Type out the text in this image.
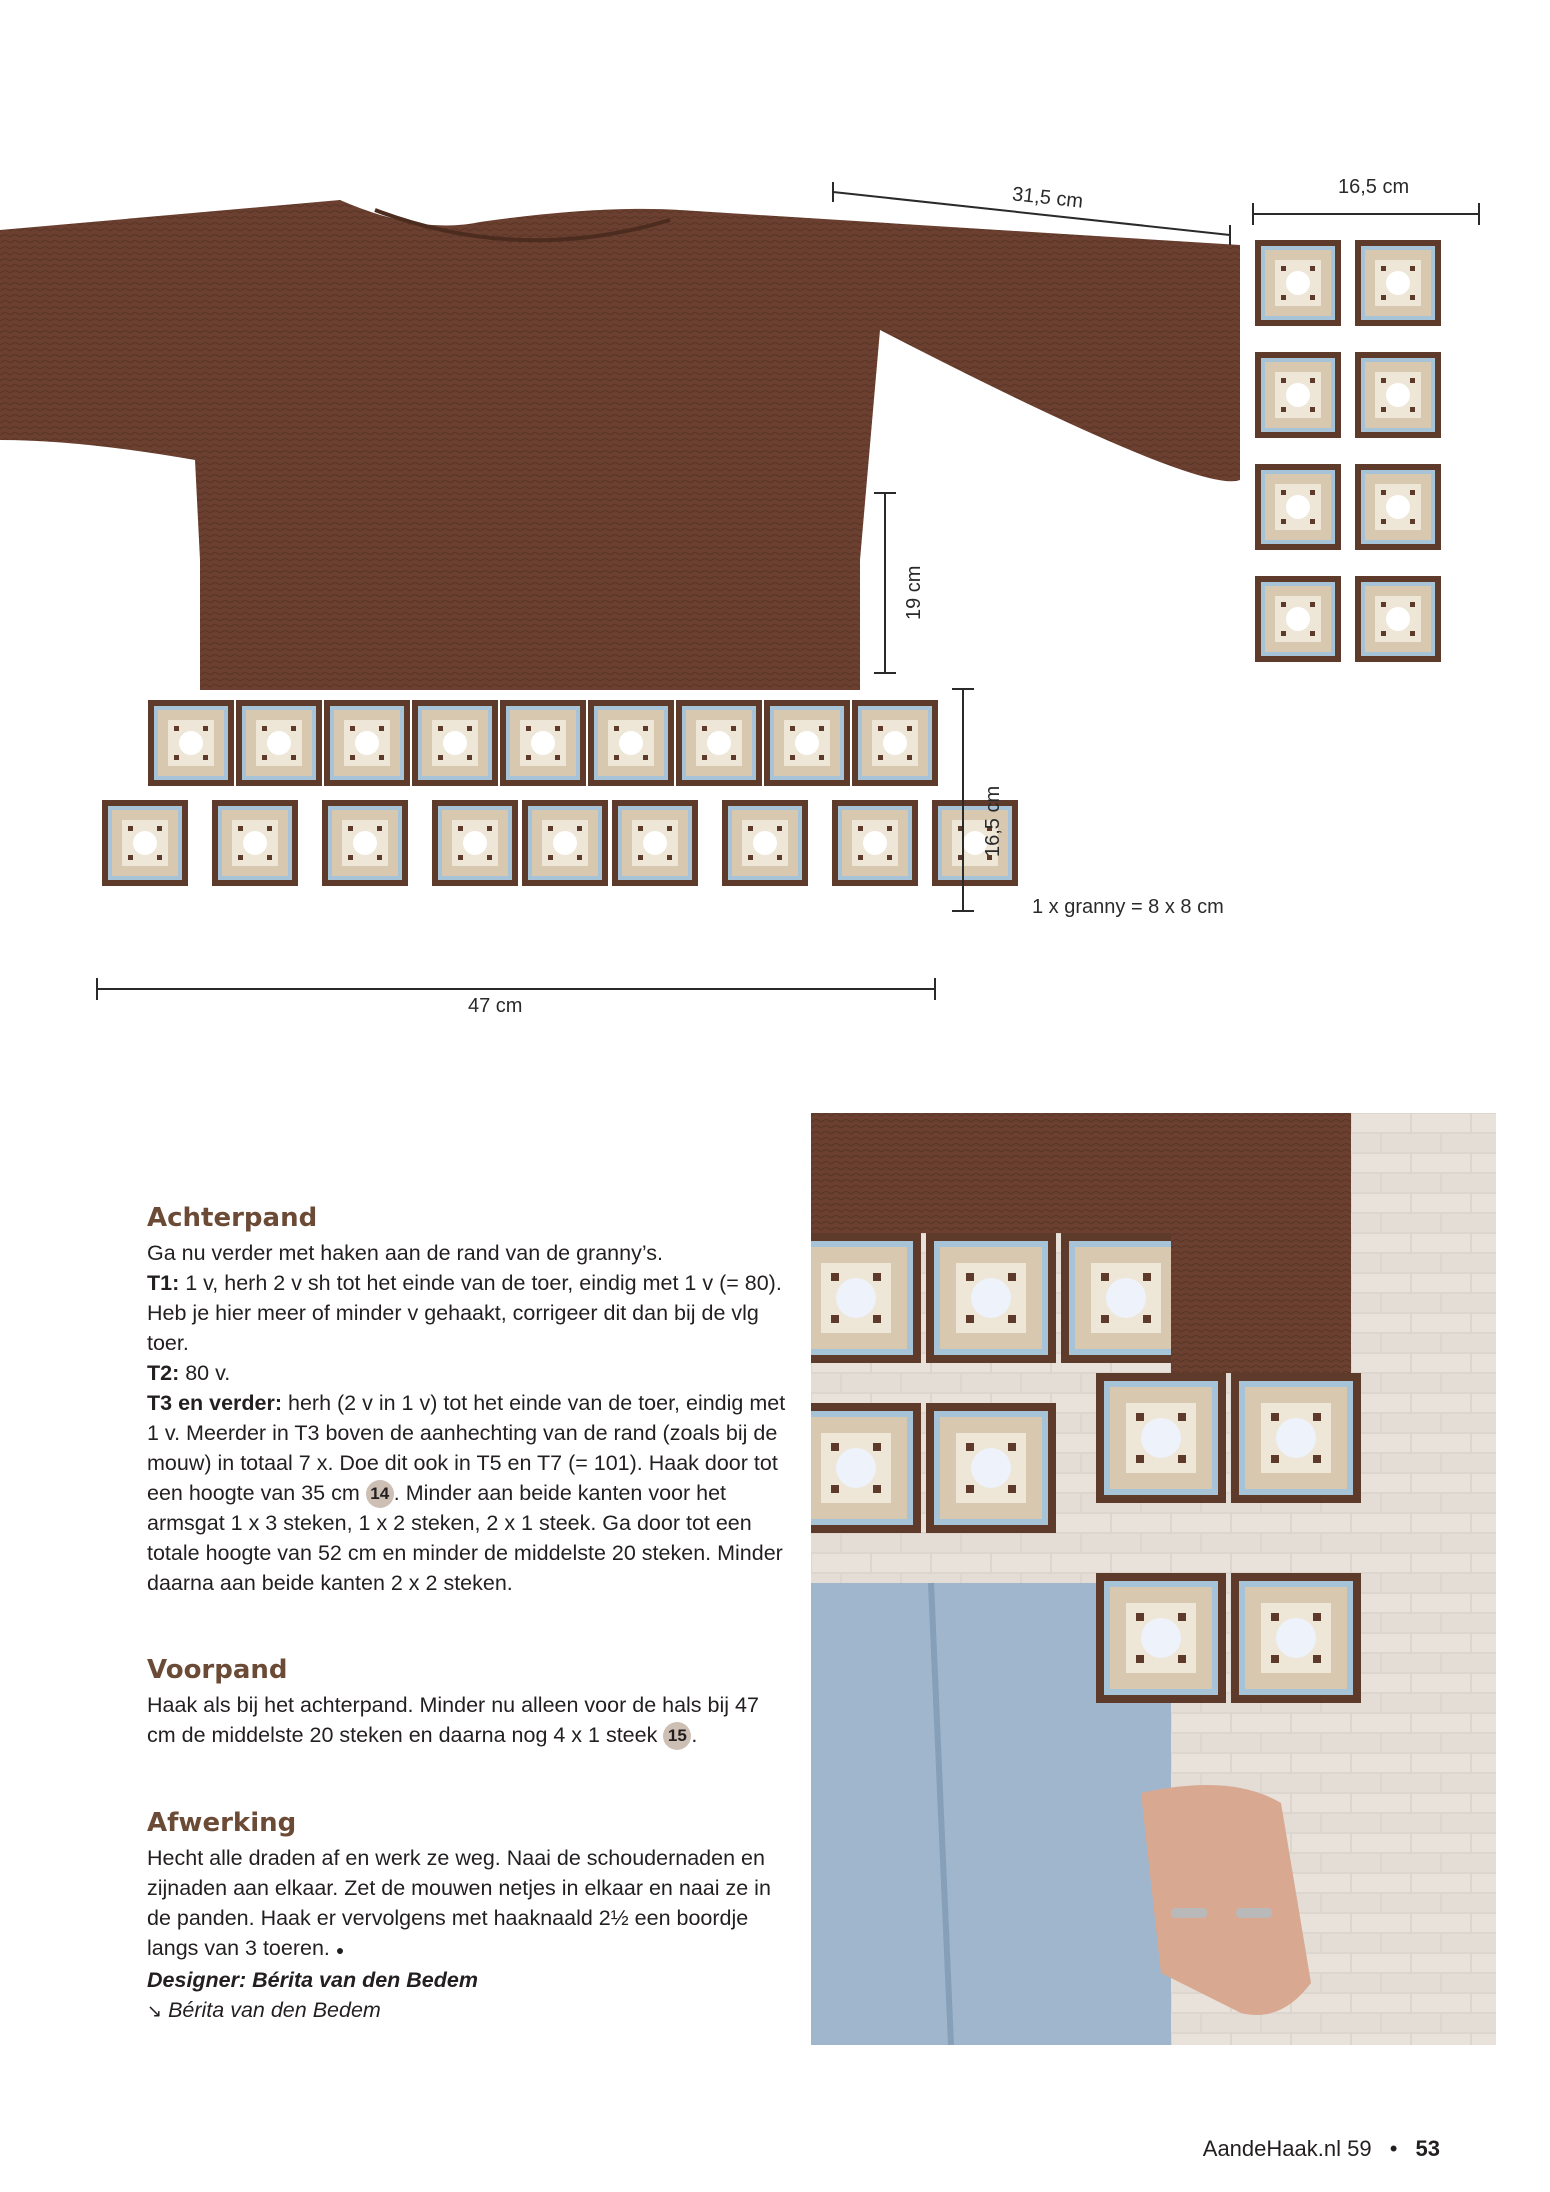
31,5 cm	16,5 cm
19 cm
16,5 cm
1 x granny = 8 x 8 cm
47 cm
Achterpand

Ga nu verder met haken aan de rand van de granny’s.
T1: 1 v, herh 2 v sh tot het einde van de toer, eindig met 1 v (= 80). Heb je hier meer of minder v gehaakt, corrigeer dit dan bij de vlg toer.
T2: 80 v.
T3 en verder: herh (2 v in 1 v) tot het einde van de toer, eindig met 1 v. Meerder in T3 boven de aanhechting van de rand (zoals bij de mouw) in totaal 7 x. Doe dit ook in T5 en T7 (= 101). Haak door tot een hoogte van 35 cm 14 . Minder aan beide kanten voor het armsgat 1 x 3 steken, 1 x 2 steken, 2 x 1 steek. Ga door tot een totale hoogte van 52 cm en minder de middelste 20 steken. Minder daarna aan beide kanten 2 x 2 steken.

Voorpand

Haak als bij het achterpand. Minder nu alleen voor de hals bij 47 cm de middelste 20 steken en daarna nog 4 x 1 steek 15 .

Afwerking

Hecht alle draden af en werk ze weg. Naai de schoudernaden en zijnaden aan elkaar. Zet de mouwen netjes in elkaar en naai ze in de panden. Haak er vervolgens met haaknaald 2½ een boordje langs van 3 toeren. ●
Designer: Bérita van den Bedem
↘ Bérita van den Bedem

AandeHaak.nl 59 • 53
